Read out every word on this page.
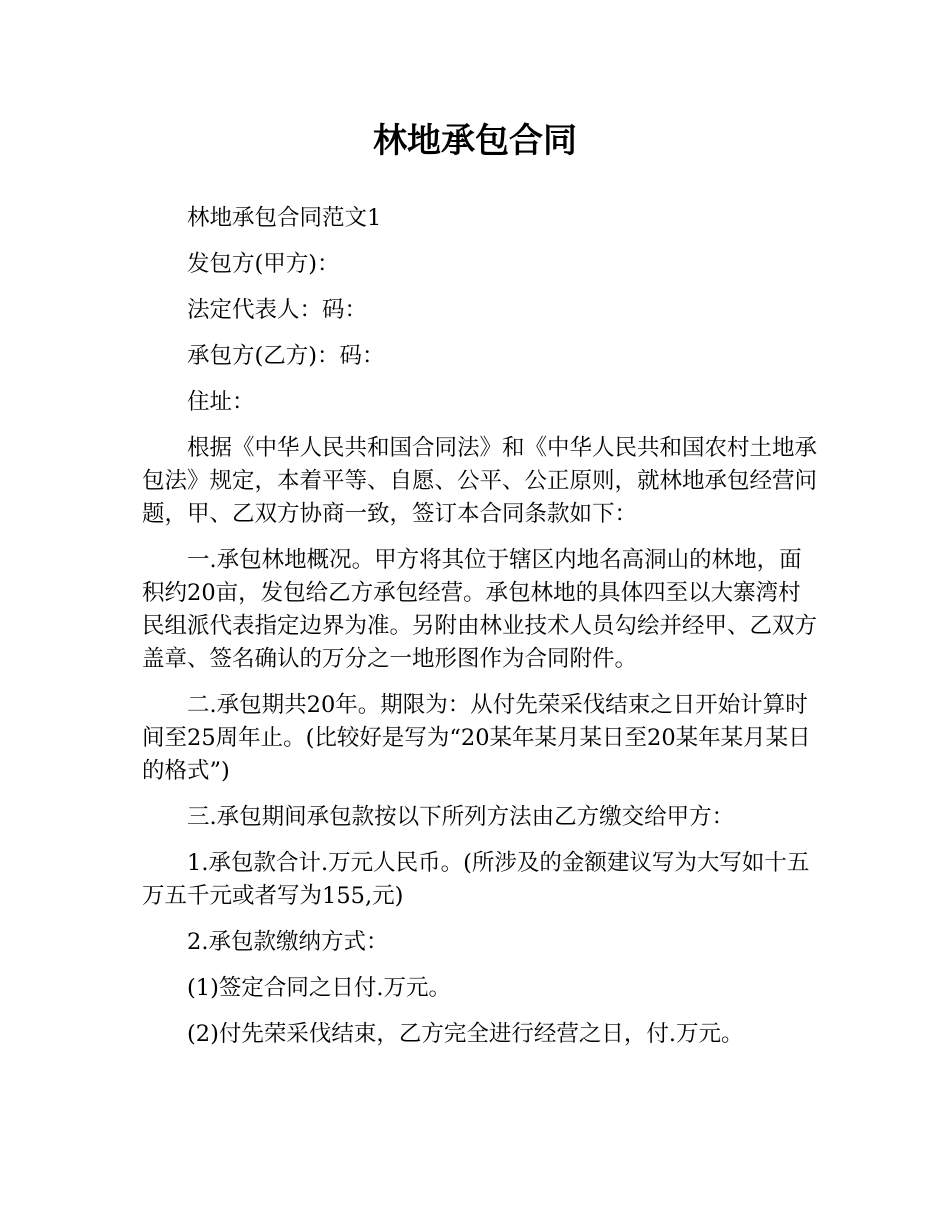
林地承包合同

林地承包合同范文1

发包方(甲方)：

法定代表人：码：

承包方(乙方)：码：

住址：

根据《中华人民共和国合同法》和《中华人民共和国农村土地承包法》规定，本着平等、自愿、公平、公正原则，就林地承包经营问题，甲、乙双方协商一致，签订本合同条款如下：

一.承包林地概况。甲方将其位于辖区内地名高洞山的林地，面积约20亩，发包给乙方承包经营。承包林地的具体四至以大寨湾村民组派代表指定边界为准。另附由林业技术人员勾绘并经甲、乙双方盖章、签名确认的万分之一地形图作为合同附件。

二.承包期共20年。期限为：从付先荣采伐结束之日开始计算时间至25周年止。(比较好是写为“20某年某月某日至20某年某月某日的格式”)

三.承包期间承包款按以下所列方法由乙方缴交给甲方：

1.承包款合计.万元人民币。(所涉及的金额建议写为大写如十五万五千元或者写为155,元)

2.承包款缴纳方式：

(1)签定合同之日付.万元。

(2)付先荣采伐结束，乙方完全进行经营之日，付.万元。
